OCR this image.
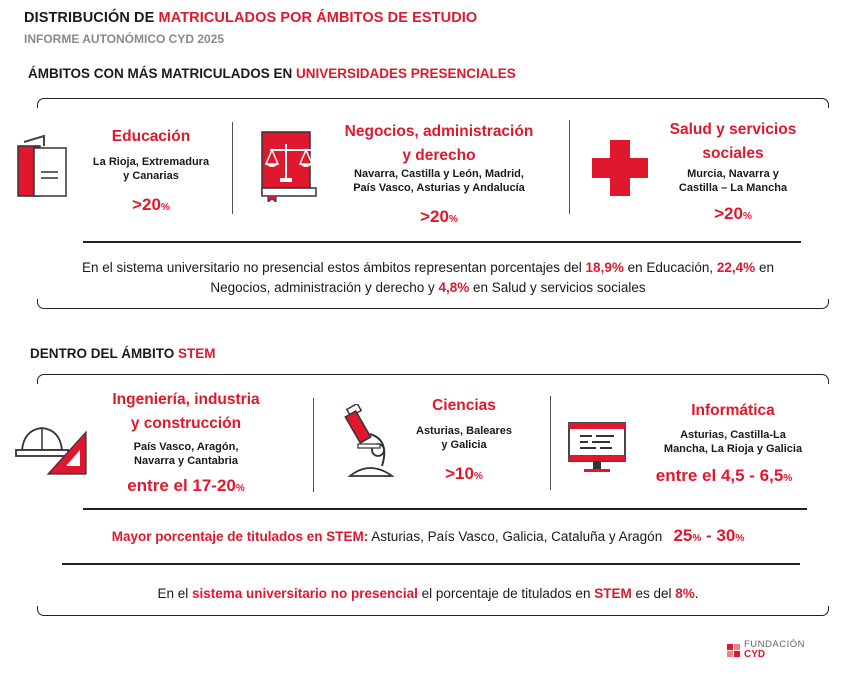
DISTRIBUCIÓN DE MATRICULADOS POR ÁMBITOS DE ESTUDIO
INFORME AUTONÓMICO CYD 2025
ÁMBITOS CON MÁS MATRICULADOS EN UNIVERSIDADES PRESENCIALES
Educación
La Rioja, Extremadura
y Canarias
>20%
Negocios, administración
y derecho
Navarra, Castilla y León, Madrid,
País Vasco, Asturias y Andalucía
>20%
Salud y servicios
sociales
Murcia, Navarra y
Castilla – La Mancha
>20%
En el sistema universitario no presencial estos ámbitos representan porcentajes del 18,9% en Educación, 22,4% en Negocios, administración y derecho y 4,8% en Salud y servicios sociales
DENTRO DEL ÁMBITO STEM
Ingeniería, industria
y construcción
País Vasco, Aragón,
Navarra y Cantabria
entre el 17-20%
Ciencias
Asturias, Baleares
y Galicia
>10%
Informática
Asturias, Castilla-La
Mancha, La Rioja y Galicia
entre el 4,5 - 6,5%
Mayor porcentaje de titulados en STEM: Asturias, País Vasco, Galicia, Cataluña y Aragón 25% - 30%
En el sistema universitario no presencial el porcentaje de titulados en STEM es del 8%.
FUNDACIÓN
CYD
